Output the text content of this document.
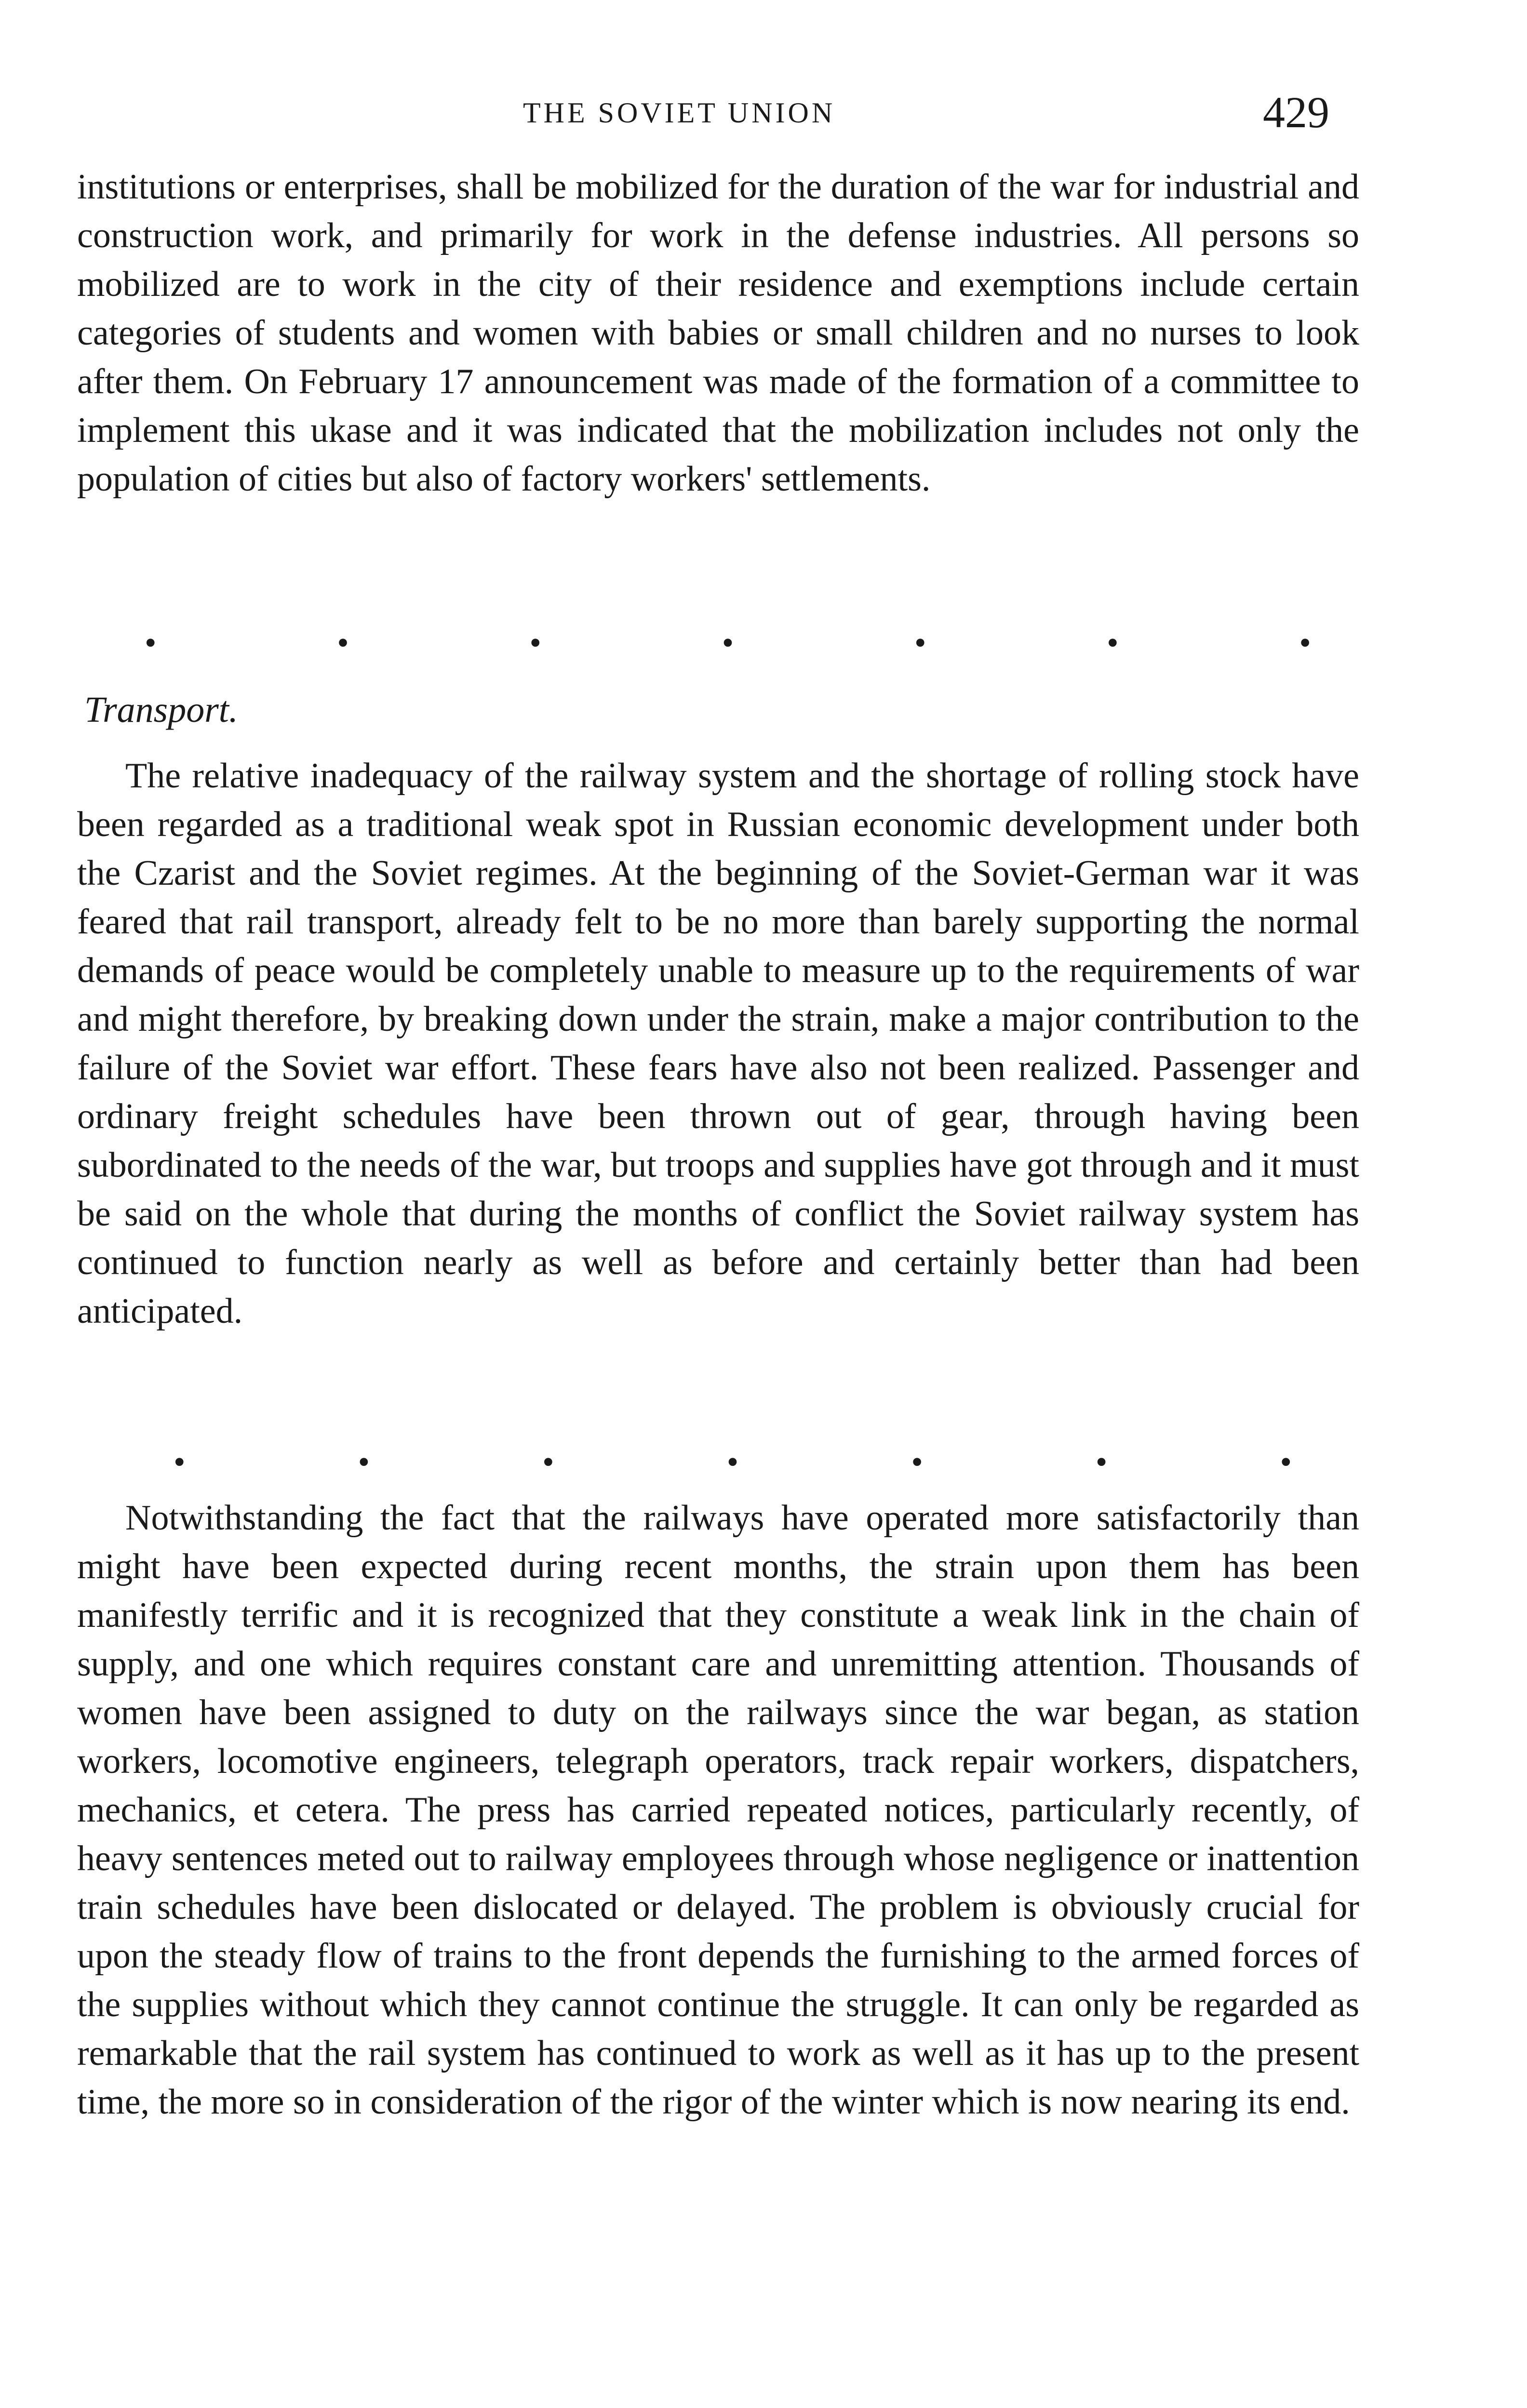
THE SOVIET UNION	429

institutions or enterprises, shall be mobilized for the duration of the war for industrial and construction work, and primarily for work in the defense industries. All persons so mobilized are to work in the city of their residence and exemptions include certain categories of students and women with babies or small children and no nurses to look after them. On February 17 announcement was made of the formation of a committee to implement this ukase and it was indicated that the mobilization includes not only the population of cities but also of factory workers' settlements.

•	•	•	•	•	•	•
Transport.

The relative inadequacy of the railway system and the shortage of rolling stock have been regarded as a traditional weak spot in Russian economic development under both the Czarist and the Soviet regimes. At the beginning of the Soviet-German war it was feared that rail transport, already felt to be no more than barely supporting the normal demands of peace would be completely unable to measure up to the requirements of war and might therefore, by breaking down under the strain, make a major contribution to the failure of the Soviet war effort. These fears have also not been realized. Passenger and ordinary freight schedules have been thrown out of gear, through having been subordinated to the needs of the war, but troops and supplies have got through and it must be said on the whole that during the months of conflict the Soviet railway system has continued to function nearly as well as before and certainly better than had been anticipated.

•	•	•	•	•	•	•

Notwithstanding the fact that the railways have operated more satisfactorily than might have been expected during recent months, the strain upon them has been manifestly terrific and it is recognized that they constitute a weak link in the chain of supply, and one which requires constant care and unremitting attention. Thousands of women have been assigned to duty on the railways since the war began, as station workers, locomotive engineers, telegraph operators, track repair workers, dispatchers, mechanics, et cetera. The press has carried repeated notices, particularly recently, of heavy sentences meted out to railway employees through whose negligence or inattention train schedules have been dislocated or delayed. The problem is obviously crucial for upon the steady flow of trains to the front depends the furnishing to the armed forces of the supplies without which they cannot continue the struggle. It can only be regarded as remarkable that the rail system has continued to work as well as it has up to the present time, the more so in consideration of the rigor of the winter which is now nearing its end.
